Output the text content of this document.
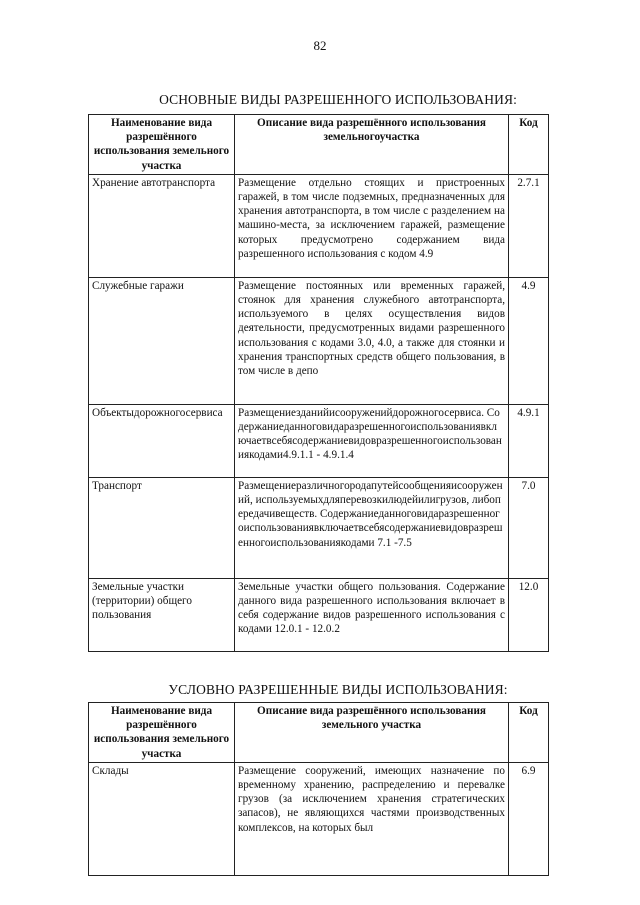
82
ОСНОВНЫЕ ВИДЫ РАЗРЕШЕННОГО ИСПОЛЬЗОВАНИЯ:
Наименование вида разрешённого использования земельного участка	Описание вида разрешённого использования земельногоучастка	Код
Хранение автотранспорта	Размещение отдельно стоящих и пристроенных гаражей, в том числе подземных, предназначенных для хранения автотранспорта, в том числе с разделением на машино-места, за исключением гаражей, размещение которых предусмотрено содержанием вида разрешенного использования с кодом 4.9	2.7.1
Служебные гаражи	Размещение постоянных или временных гаражей, стоянок для хранения служебного автотранспорта, используемого в целях осуществления видов деятельности, предусмотренных видами разрешенного использования с кодами 3.0, 4.0, а также для стоянки и хранения транспортных средств общего пользования, в том числе в депо	4.9
Объектыдорожногосервиса	Размещениезданийисооруженийдорожногосервиса. Содержаниеданноговидаразрешенногоиспользованиявключаетвсебясодержаниевидовразрешенногоиспользованиякодами4.9.1.1 - 4.9.1.4	4.9.1
Транспорт	Размещениеразличногородапутейсообщенияисооружений, используемыхдляперевозкилюдейилигрузов, либопередачивеществ. Содержаниеданноговидаразрешенногоиспользованиявключаетвсебясодержаниевидовразрешенногоиспользованиякодами 7.1 -7.5	7.0
Земельные участки (территории) общего пользования	Земельные участки общего пользования. Содержание данного вида разрешенного использования включает в себя содержание видов разрешенного использования с кодами 12.0.1 - 12.0.2	12.0
УСЛОВНО РАЗРЕШЕННЫЕ ВИДЫ ИСПОЛЬЗОВАНИЯ:
Наименование вида разрешённого использования земельного участка	Описание вида разрешённого использования земельного участка	Код
Склады	Размещение сооружений, имеющих назначение по временному хранению, распределению и перевалке грузов (за исключением хранения стратегических запасов), не являющихся частями производственных комплексов, на которых был	6.9
